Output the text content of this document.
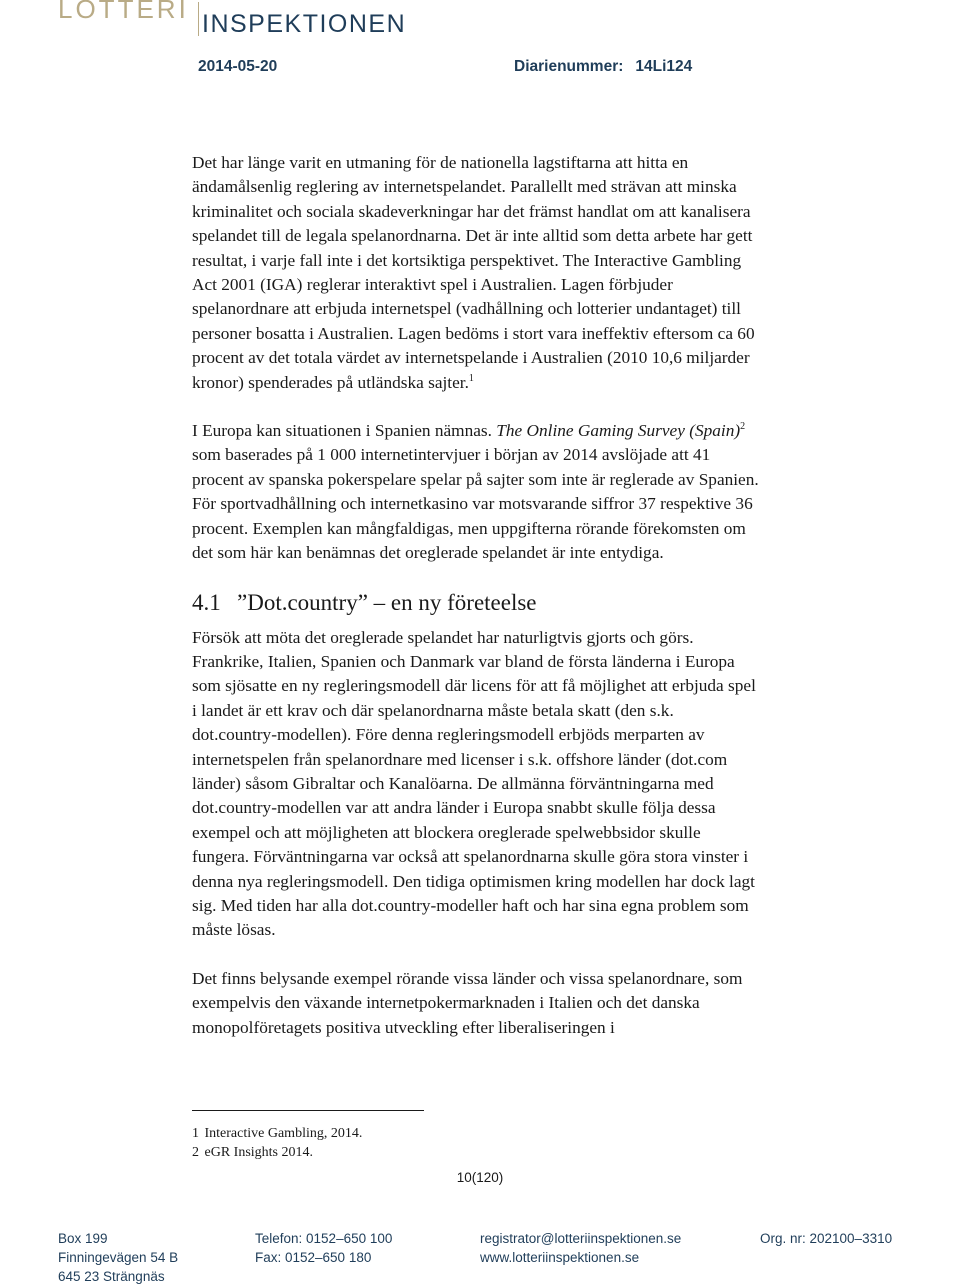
LOTTERI INSPEKTIONEN
2014-05-20	Diarienummer: 14Li124

Det har länge varit en utmaning för de nationella lagstiftarna att hitta en ändamålsenlig reglering av internetspelandet. Parallellt med strävan att minska kriminalitet och sociala skadeverkningar har det främst handlat om att kanalisera spelandet till de legala spelanordnarna. Det är inte alltid som detta arbete har gett resultat, i varje fall inte i det kortsiktiga perspektivet. The Interactive Gambling Act 2001 (IGA) reglerar interaktivt spel i Australien. Lagen förbjuder spelanordnare att erbjuda internetspel (vadhållning och lotterier undantaget) till personer bosatta i Australien. Lagen bedöms i stort vara ineffektiv eftersom ca 60 procent av det totala värdet av internetspelande i Australien (2010 10,6 miljarder kronor) spenderades på utländska sajter.$^1$

I Europa kan situationen i Spanien nämnas. The Online Gaming Survey (Spain)$^2$ som baserades på 1 000 internetintervjuer i början av 2014 avslöjade att 41 procent av spanska pokerspelare spelar på sajter som inte är reglerade av Spanien. För sportvadhållning och internetkasino var motsvarande siffror 37 respektive 36 procent. Exemplen kan mångfaldigas, men uppgifterna rörande förekomsten om det som här kan benämnas det oreglerade spelandet är inte entydiga.

4.1 ”Dot.country” – en ny företeelse

Försök att möta det oreglerade spelandet har naturligtvis gjorts och görs. Frankrike, Italien, Spanien och Danmark var bland de första länderna i Europa som sjösatte en ny regleringsmodell där licens för att få möjlighet att erbjuda spel i landet är ett krav och där spelanordnarna måste betala skatt (den s.k. dot.country-modellen). Före denna regleringsmodell erbjöds merparten av internetspelen från spelanordnare med licenser i s.k. offshore länder (dot.com länder) såsom Gibraltar och Kanalöarna. De allmänna förväntningarna med dot.country-modellen var att andra länder i Europa snabbt skulle följa dessa exempel och att möjligheten att blockera oreglerade spelwebbsidor skulle fungera. Förväntningarna var också att spelanordnarna skulle göra stora vinster i denna nya regleringsmodell. Den tidiga optimismen kring modellen har dock lagt sig. Med tiden har alla dot.country-modeller haft och har sina egna problem som måste lösas.

Det finns belysande exempel rörande vissa länder och vissa spelanordnare, som exempelvis den växande internetpokermarknaden i Italien och det danska monopolföretagets positiva utveckling efter liberaliseringen i

1 Interactive Gambling, 2014.
2 eGR Insights 2014.
10(120)
Box 199
Finningevägen 54 B
645 23 Strängnäs
Telefon: 0152–650 100
Fax: 0152–650 180
registrator@lotteriinspektionen.se
www.lotteriinspektionen.se
Org. nr: 202100–3310
